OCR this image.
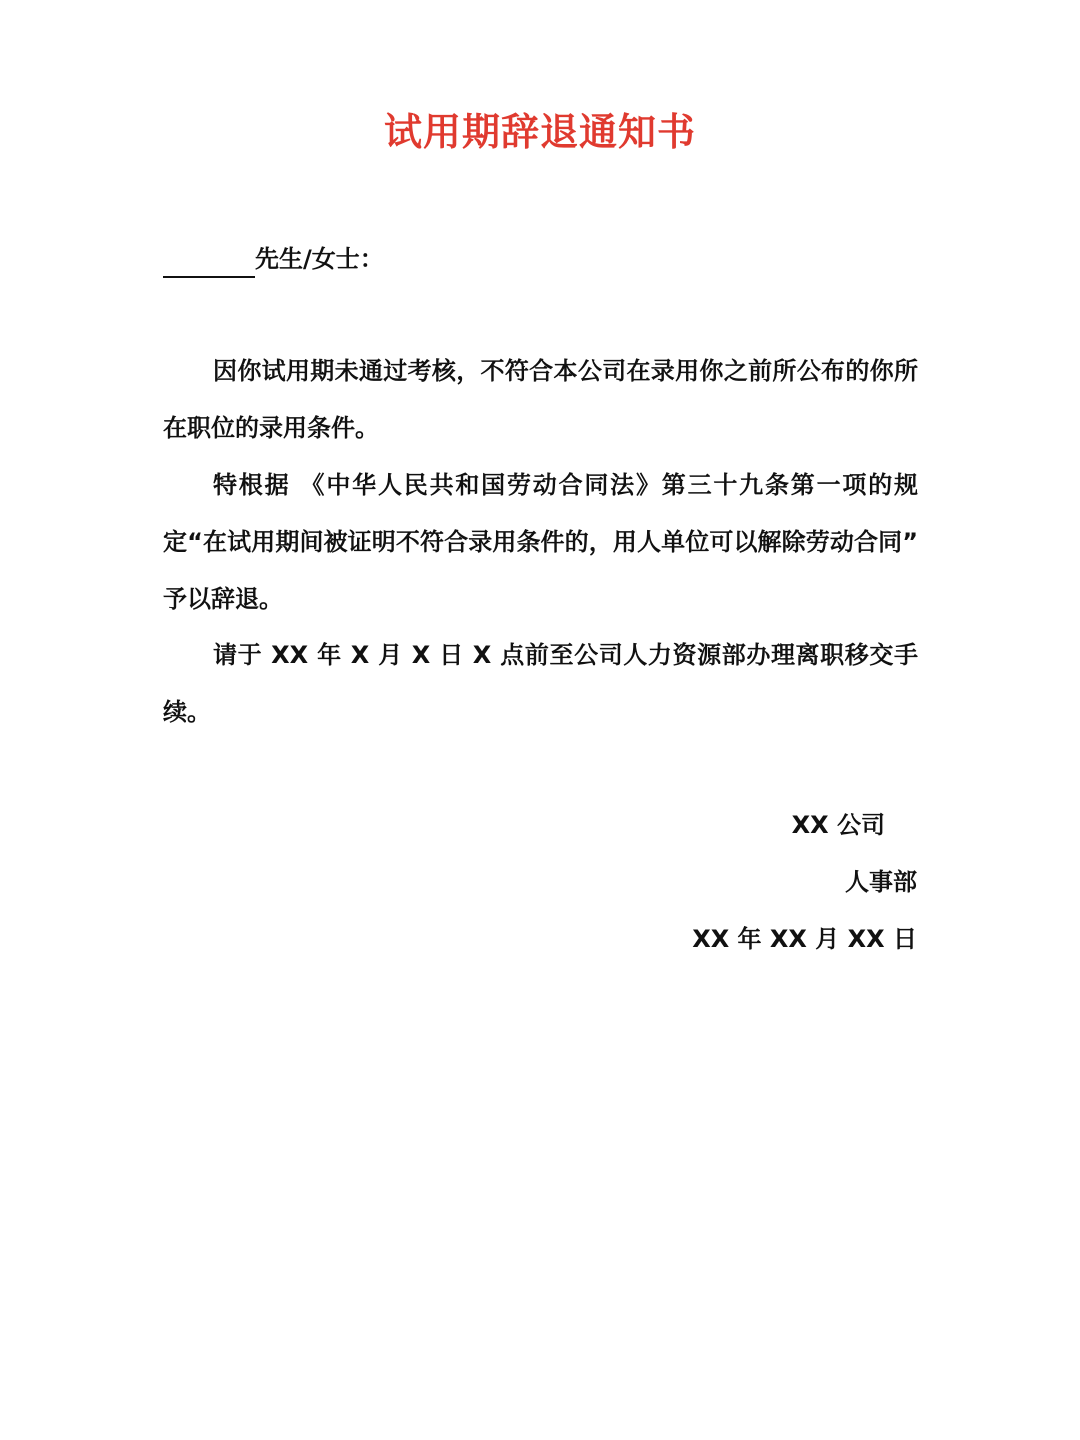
试用期辞退通知书
先生/女士：

因你试用期未通过考核，不符合本公司在录用你之前所公布的你所在职位的录用条件。

特根据 《中华人民共和国劳动合同法》第三十九条第一项的规定“在试用期间被证明不符合录用条件的，用人单位可以解除劳动合同” 予以辞退。

请于 XX 年 X 月 X 日 X 点前至公司人力资源部办理离职移交手续。

XX 公司
人事部
XX 年 XX 月 XX 日
